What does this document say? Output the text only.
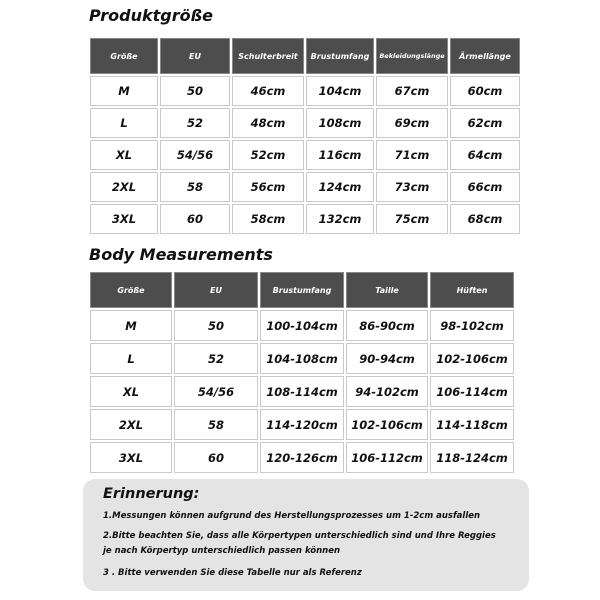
Produktgröße
Größe	EU	Schulterbreit	Brustumfang	Bekleidungslänge	Ärmellänge
M	50	46cm	104cm	67cm	60cm
L	52	48cm	108cm	69cm	62cm
XL	54/56	52cm	116cm	71cm	64cm
2XL	58	56cm	124cm	73cm	66cm
3XL	60	58cm	132cm	75cm	68cm
Body Measurements
Größe	EU	Brustumfang	Taille	Hüften
M	50	100-104cm	86-90cm	98-102cm
L	52	104-108cm	90-94cm	102-106cm
XL	54/56	108-114cm	94-102cm	106-114cm
2XL	58	114-120cm	102-106cm	114-118cm
3XL	60	120-126cm	106-112cm	118-124cm
Erinnerung:
1.Messungen können aufgrund des Herstellungsprozesses um 1-2cm ausfallen
2.Bitte beachten Sie, dass alle Körpertypen unterschiedlich sind und Ihre Reggies
je nach Körpertyp unterschiedlich passen können
3 . Bitte verwenden Sie diese Tabelle nur als Referenz
